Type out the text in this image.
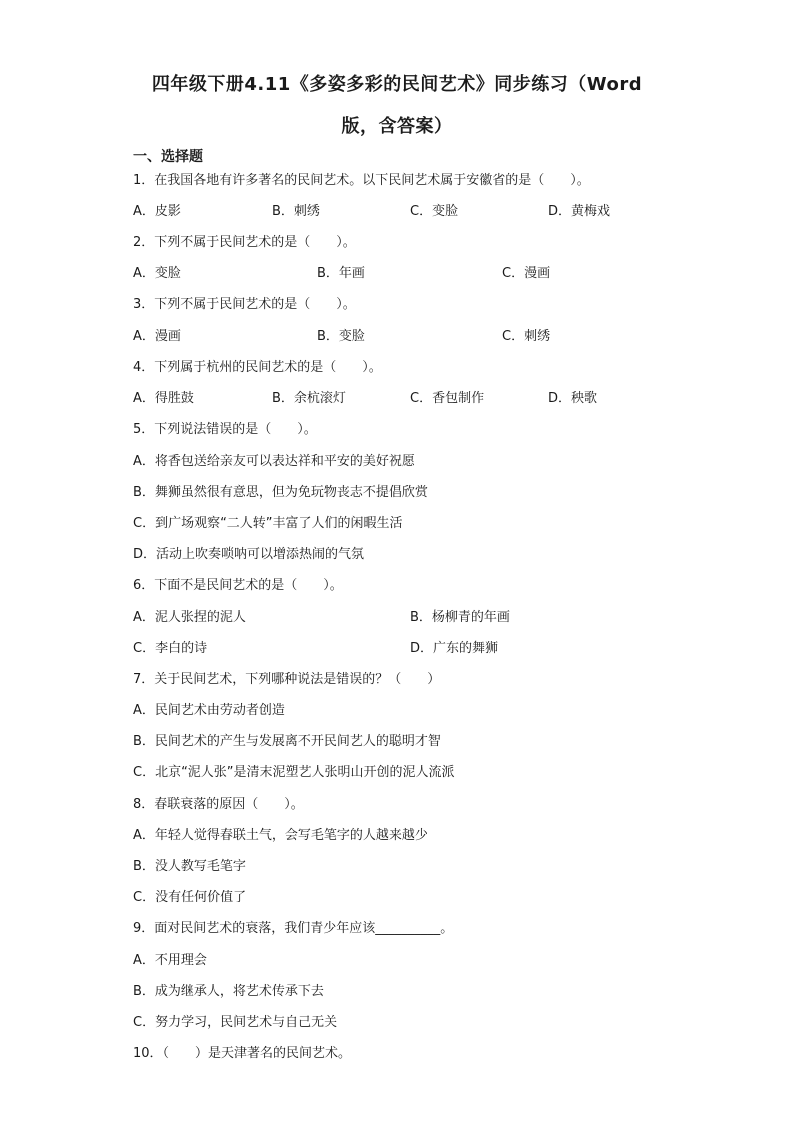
四年级下册4.11《多姿多彩的民间艺术》同步练习（Word
版，含答案）
一、选择题
1．在我国各地有许多著名的民间艺术。以下民间艺术属于安徽省的是（　　）。
A．皮影	B．刺绣	C．变脸	D．黄梅戏
2．下列不属于民间艺术的是（　　）。
A．变脸	B．年画	C．漫画
3．下列不属于民间艺术的是（　　）。
A．漫画	B．变脸	C．刺绣
4．下列属于杭州的民间艺术的是（　　）。
A．得胜鼓	B．余杭滚灯	C．香包制作	D．秧歌
5．下列说法错误的是（　　）。
A．将香包送给亲友可以表达祥和平安的美好祝愿
B．舞狮虽然很有意思，但为免玩物丧志不提倡欣赏
C．到广场观察“二人转”丰富了人们的闲暇生活
D．活动上吹奏唢呐可以增添热闹的气氛
6．下面不是民间艺术的是（　　）。
A．泥人张捏的泥人	B．杨柳青的年画
C．李白的诗	D．广东的舞狮
7．关于民间艺术，下列哪种说法是错误的？（　　）
A．民间艺术由劳动者创造
B．民间艺术的产生与发展离不开民间艺人的聪明才智
C．北京“泥人张”是清末泥塑艺人张明山开创的泥人流派
8．春联衰落的原因（　　）。
A．年轻人觉得春联土气，会写毛笔字的人越来越少
B．没人教写毛笔字
C．没有任何价值了
9．面对民间艺术的衰落，我们青少年应该__________。
A．不用理会
B．成为继承人，将艺术传承下去
C．努力学习，民间艺术与自己无关
10．（　　）是天津著名的民间艺术。
